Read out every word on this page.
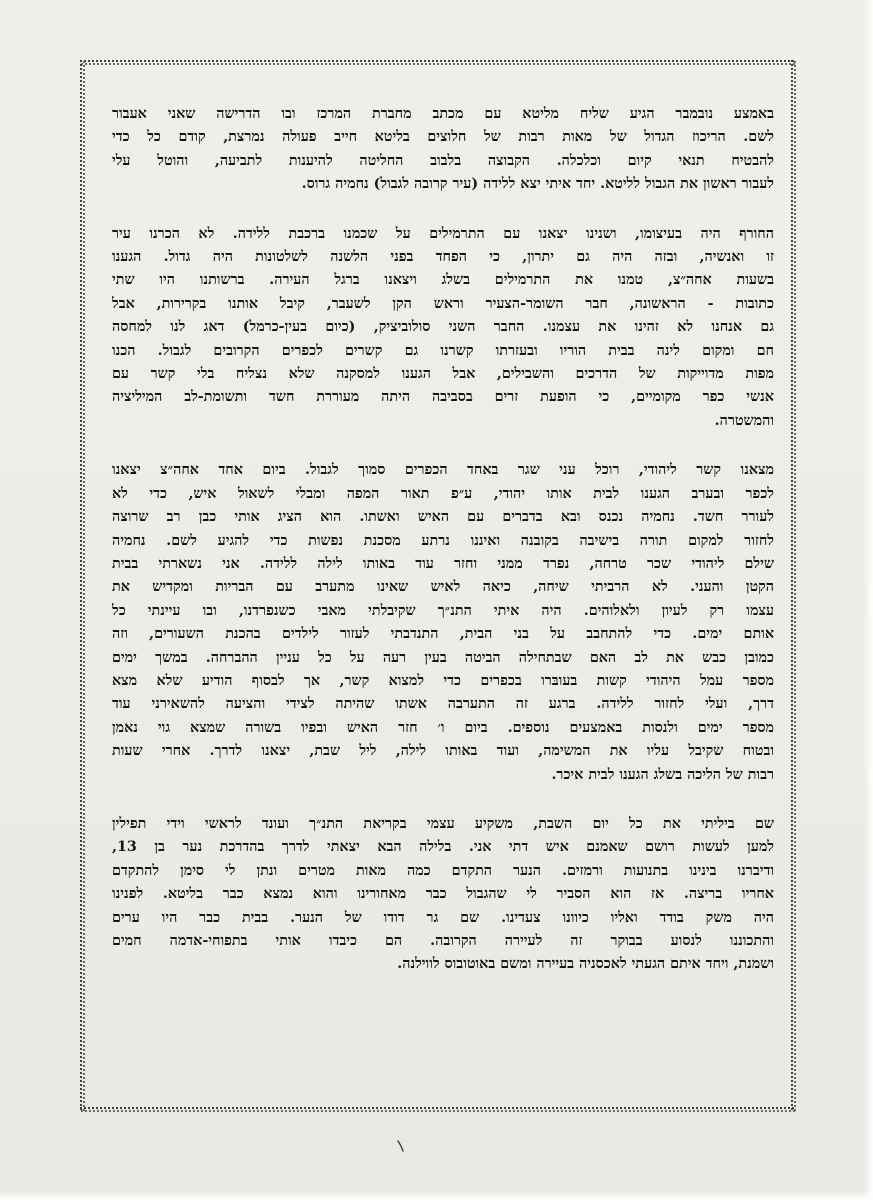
באמצע נובמבר הגיע שליח מליטא עם מכתב מחברת המרכז ובו הדרישה שאני אעבור
לשם. הריכוז הגדול של מאות רבות של חלוצים בליטא חייב פעולה נמרצת, קודם כל כדי
להבטיח תנאי קיום וכלכלה. הקבוצה בלבוב החליטה להיענות לתביעה, והוטל עלי
לעבור ראשון את הגבול לליטא. יחד איתי יצא ללידה (עיר קרובה לגבול) נחמיה גרוס.

החורף היה בעיצומו, ושנינו יצאנו עם התרמילים על שכמנו ברכבת ללידה. לא הכרנו עיר
זו ואנשיה, ובזה היה גם יתרון, כי הפחד בפני הלשנה לשלטונות היה גדול. הגענו
בשעות אחה״צ, טמנו את התרמילים בשלג ויצאנו ברגל העירה. ברשותנו היו שתי
כתובות - הראשונה, חבר השומר-הצעיר וראש הקן לשעבר, קיבל אותנו בקרירות, אבל
גם אנחנו לא זהינו את עצמנו. החבר השני סולוביציק, (כיום בעין-כרמל) דאג לנו למחסה
חם ומקום לינה בבית הוריו ובעזרתו קשרנו גם קשרים לכפרים הקרובים לגבול. הכנו
מפות מדוייקות של הדרכים והשבילים, אבל הגענו למסקנה שלא נצליח בלי קשר עם
אנשי כפר מקומיים, כי הופעת זרים בסביבה היתה מעוררת חשד ותשומת-לב המיליציה
והמשטרה.

מצאנו קשר ליהודי, רוכל עני שגר באחד הכפרים סמוך לגבול. ביום אחד אחה״צ יצאנו
לכפר ובערב הגענו לבית אותו יהודי, ע״פ תאור המפה ומבלי לשאול איש, כדי לא
לעורר חשד. נחמיה נכנס ובא בדברים עם האיש ואשתו. הוא הציג אותי כבן רב שרוצה
לחזור למקום תורה בישיבה בקובנה ואיננו נרתע מסכנת נפשות כדי להגיע לשם. נחמיה
שילם ליהודי שכר טרחה, נפרד ממני וחזר עוד באותו לילה ללידה. אני נשארתי בבית
הקטן והעני. לא הרביתי שיחה, כיאה לאיש שאינו מתערב עם הבריות ומקדיש את
עצמו רק לעיון ולאלוהים. היה איתי התנ״ך שקיבלתי מאבי כשנפרדנו, ובו עיינתי כל
אותם ימים. כדי להתחבב על בני הבית, התנדבתי לעזור לילדים בהכנת השעורים, וזה
כמובן כבש את לב האם שבתחילה הביטה בעין רעה על כל עניין ההברחה. במשך ימים
מספר עמל היהודי קשות בעובּרו בכפרים כדי למצוא קשר, אך לבסוף הודיע שלא מצא
דרך, ועלי לחזור ללידה. ברגע זה התערבה אשתו שהיתה לצידי והציעה להשאירני עוד
מספר ימים ולנסות באמצעים נוספים. ביום ו׳ חזר האיש ובפיו בשורה שמצא גוי נאמן
ובטוח שקיבל עליו את המשימה, ועוד באותו לילה, ליל שבת, יצאנו לדרך. אחרי שעות
רבות של הליכה בשלג הגענו לבית איכר.

שם ביליתי את כל יום השבת, משקיע עצמי בקריאת התנ״ך ועונד לראשי וידי תפילין
למען לעשות רושם שאמנם איש דתי אני. בלילה הבא יצאתי לדרך בהדרכת נער בן 13,
ודיברנו בינינו בתנועות ורמזים. הנער התקדם כמה מאות מטרים ונתן לי סימן להתקדם
אחריו בריצה. אז הוא הסביר לי שהגבול כבר מאחורינו והוא נמצא כבר בליטא. לפנינו
היה משק בודד ואליו כיוונו צעדינו. שם גר דודו של הנער. בבית כבר היו ערים
והתכוננו לנסוע בבוקר זה לעיירה הקרובה. הם כיבדו אותי בתפוחי-אדמה חמים
ושמנת, ויחד איתם הגעתי לאכסניה בעיירה ומשם באוטובוס לווילנה.
